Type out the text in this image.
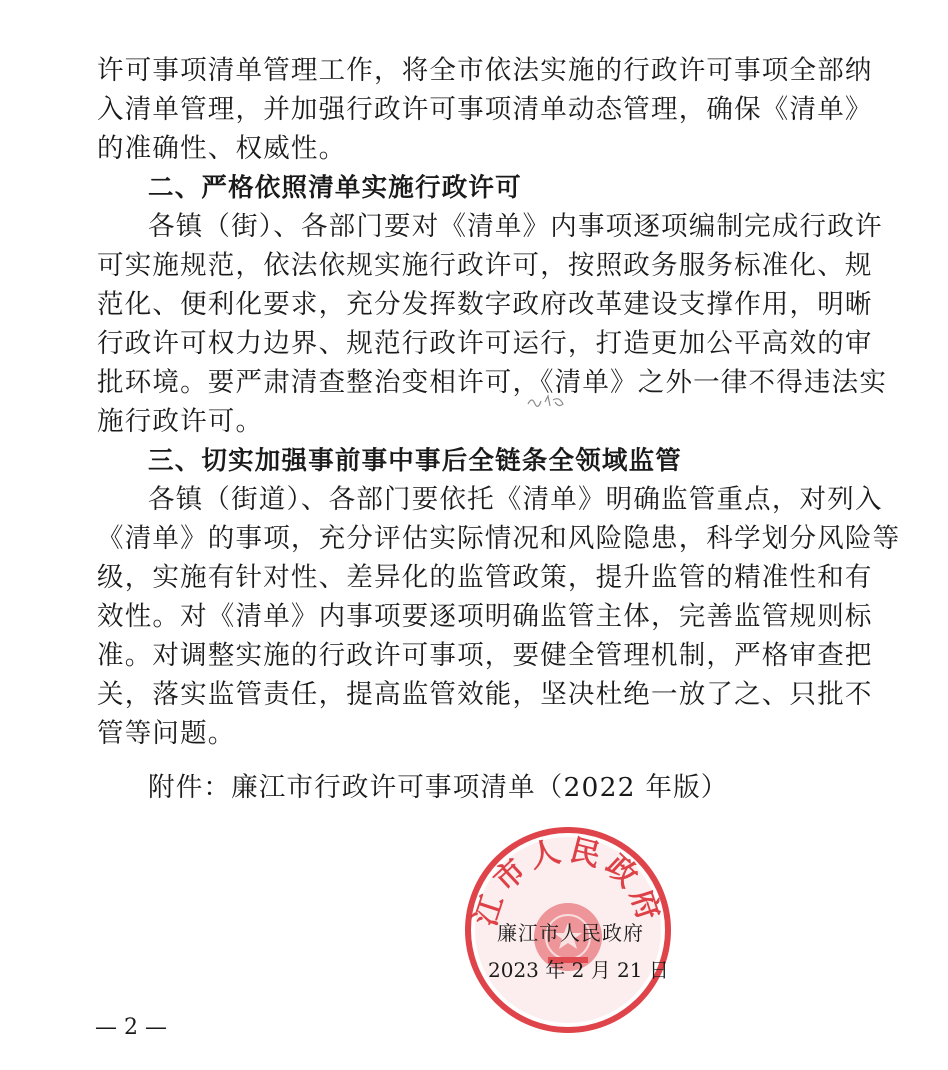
许可事项清单管理工作，将全市依法实施的行政许可事项全部纳
入清单管理，并加强行政许可事项清单动态管理，确保《清单》
的准确性、权威性。
二、严格依照清单实施行政许可
各镇（街）、各部门要对《清单》内事项逐项编制完成行政许
可实施规范，依法依规实施行政许可，按照政务服务标准化、规
范化、便利化要求，充分发挥数字政府改革建设支撑作用，明晰
行政许可权力边界、规范行政许可运行，打造更加公平高效的审
批环境。要严肃清查整治变相许可，《清单》之外一律不得违法实
施行政许可。
三、切实加强事前事中事后全链条全领域监管
各镇（街道）、各部门要依托《清单》明确监管重点，对列入
《清单》的事项，充分评估实际情况和风险隐患，科学划分风险等
级，实施有针对性、差异化的监管政策，提升监管的精准性和有
效性。对《清单》内事项要逐项明确监管主体，完善监管规则标
准。对调整实施的行政许可事项，要健全管理机制，严格审查把
关，落实监管责任，提高监管效能，坚决杜绝一放了之、只批不
管等问题。
附件：廉江市行政许可事项清单（2022 年版）
江市人民政府
廉江市人民政府
2023 年 2 月 21 日
— 2 —
